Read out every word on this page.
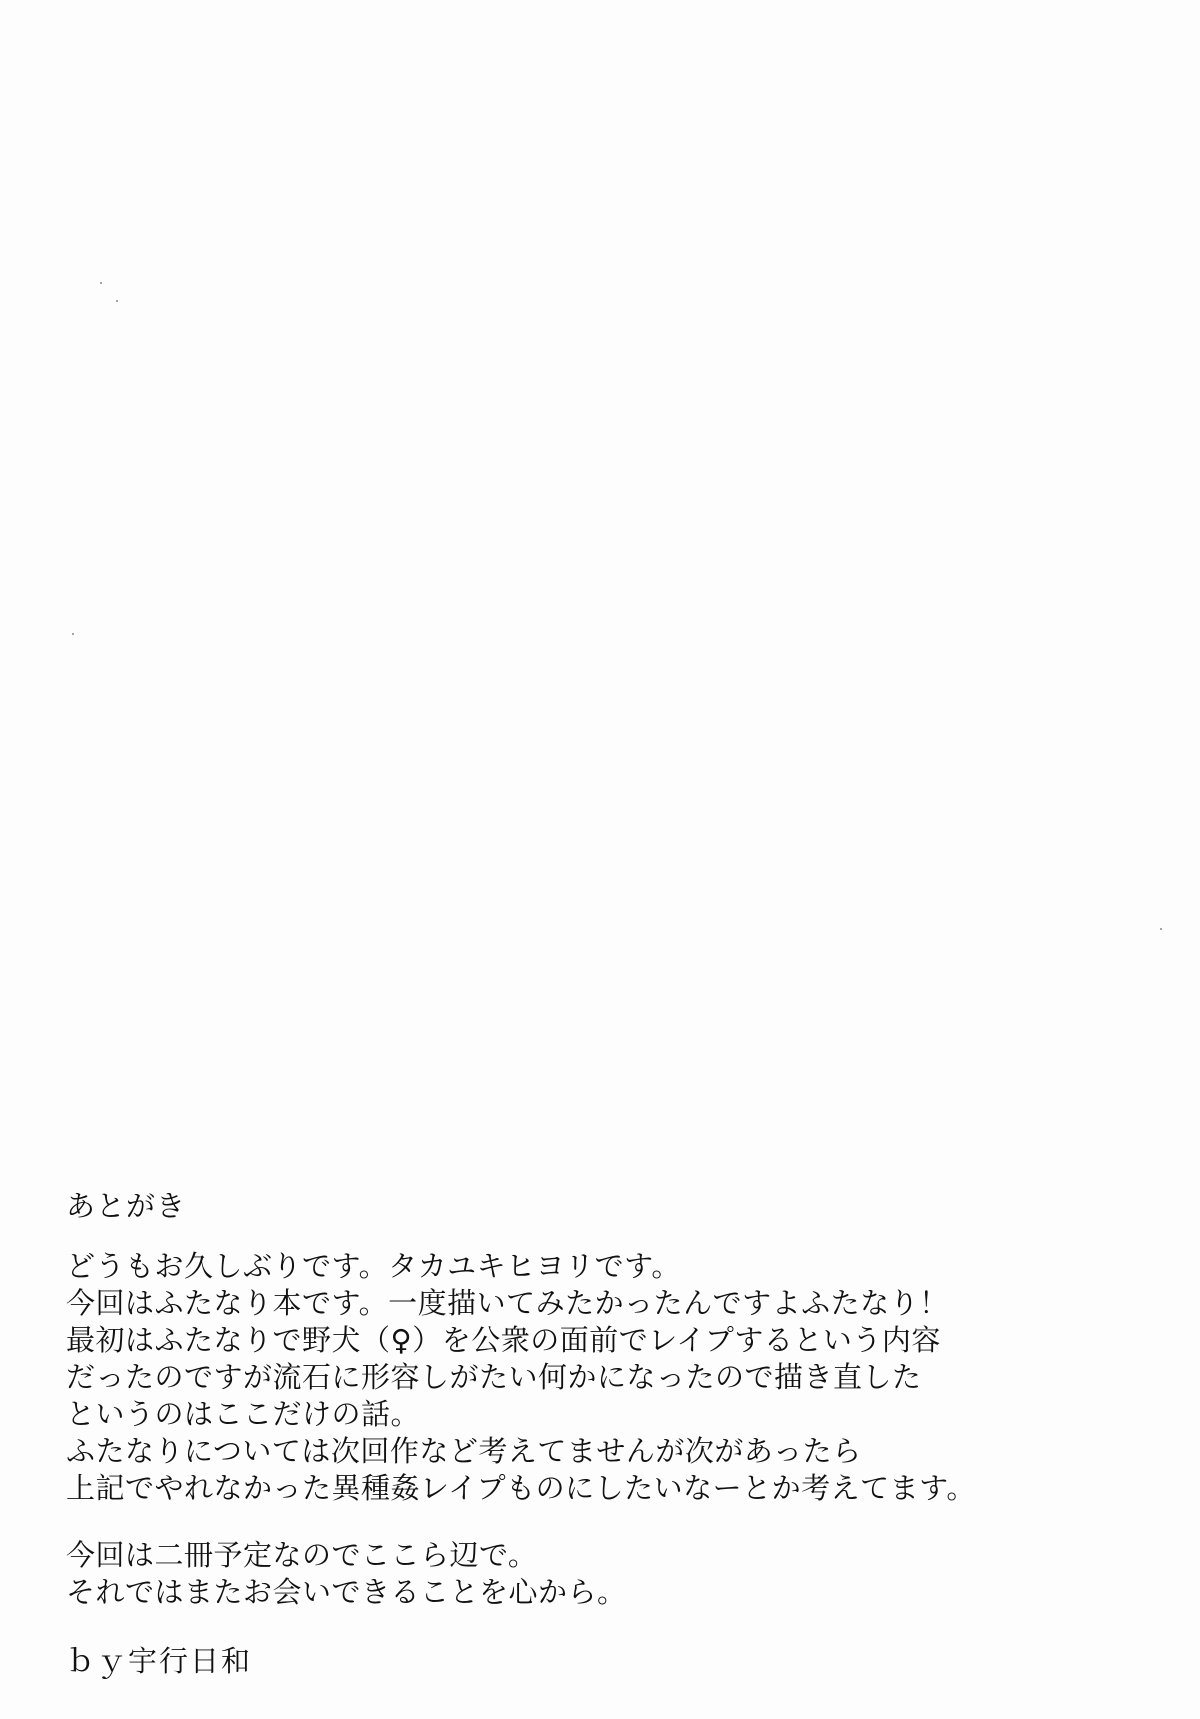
あとがき
どうもお久しぶりです。タカユキヒヨリです。
今回はふたなり本です。一度描いてみたかったんですよふたなり！
最初はふたなりで野犬（♀）を公衆の面前でレイプするという内容
だったのですが流石に形容しがたい何かになったので描き直した
というのはここだけの話。
ふたなりについては次回作など考えてませんが次があったら
上記でやれなかった異種姦レイプものにしたいなーとか考えてます。
今回は二冊予定なのでここら辺で。
それではまたお会いできることを心から。
ｂｙ宇行日和
